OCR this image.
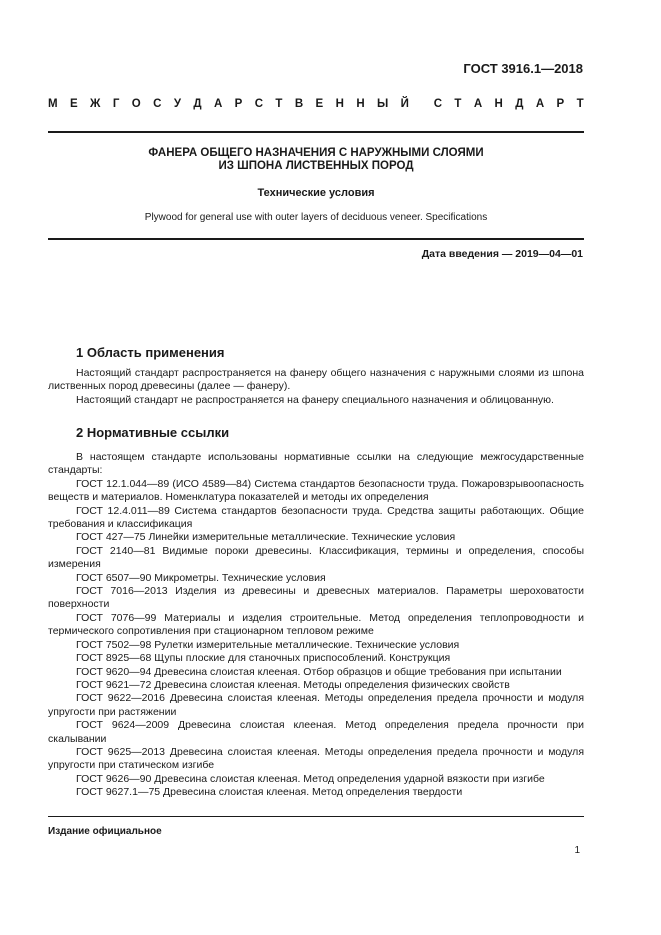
ГОСТ 3916.1—2018
М Е Ж Г О С У Д А Р С Т В Е Н Н Ы Й С Т А Н Д А Р Т
ФАНЕРА ОБЩЕГО НАЗНАЧЕНИЯ С НАРУЖНЫМИ СЛОЯМИ
ИЗ ШПОНА ЛИСТВЕННЫХ ПОРОД
Технические условия
Plywood for general use with outer layers of deciduous veneer. Specifications
Дата введения — 2019—04—01
1 Область применения

Настоящий стандарт распространяется на фанеру общего назначения с наружными слоями из шпона лиственных пород древесины (далее — фанеру).

Настоящий стандарт не распространяется на фанеру специального назначения и облицованную.

2 Нормативные ссылки

В настоящем стандарте использованы нормативные ссылки на следующие межгосударственные стандарты:

ГОСТ 12.1.044—89 (ИСО 4589—84) Система стандартов безопасности труда. Пожаровзрывоопасность веществ и материалов. Номенклатура показателей и методы их определения

ГОСТ 12.4.011—89 Система стандартов безопасности труда. Средства защиты работающих. Общие требования и классификация

ГОСТ 427—75 Линейки измерительные металлические. Технические условия

ГОСТ 2140—81 Видимые пороки древесины. Классификация, термины и определения, способы измерения

ГОСТ 6507—90 Микрометры. Технические условия

ГОСТ 7016—2013 Изделия из древесины и древесных материалов. Параметры шероховатости поверхности

ГОСТ 7076—99 Материалы и изделия строительные. Метод определения теплопроводности и термического сопротивления при стационарном тепловом режиме

ГОСТ 7502—98 Рулетки измерительные металлические. Технические условия

ГОСТ 8925—68 Щупы плоские для станочных приспособлений. Конструкция

ГОСТ 9620—94 Древесина слоистая клееная. Отбор образцов и общие требования при испытании

ГОСТ 9621—72 Древесина слоистая клееная. Методы определения физических свойств

ГОСТ 9622—2016 Древесина слоистая клееная. Методы определения предела прочности и модуля упругости при растяжении

ГОСТ 9624—2009 Древесина слоистая клееная. Метод определения предела прочности при скалывании

ГОСТ 9625—2013 Древесина слоистая клееная. Методы определения предела прочности и модуля упругости при статическом изгибе

ГОСТ 9626—90 Древесина слоистая клееная. Метод определения ударной вязкости при изгибе

ГОСТ 9627.1—75 Древесина слоистая клееная. Метод определения твердости

Издание официальное
1
